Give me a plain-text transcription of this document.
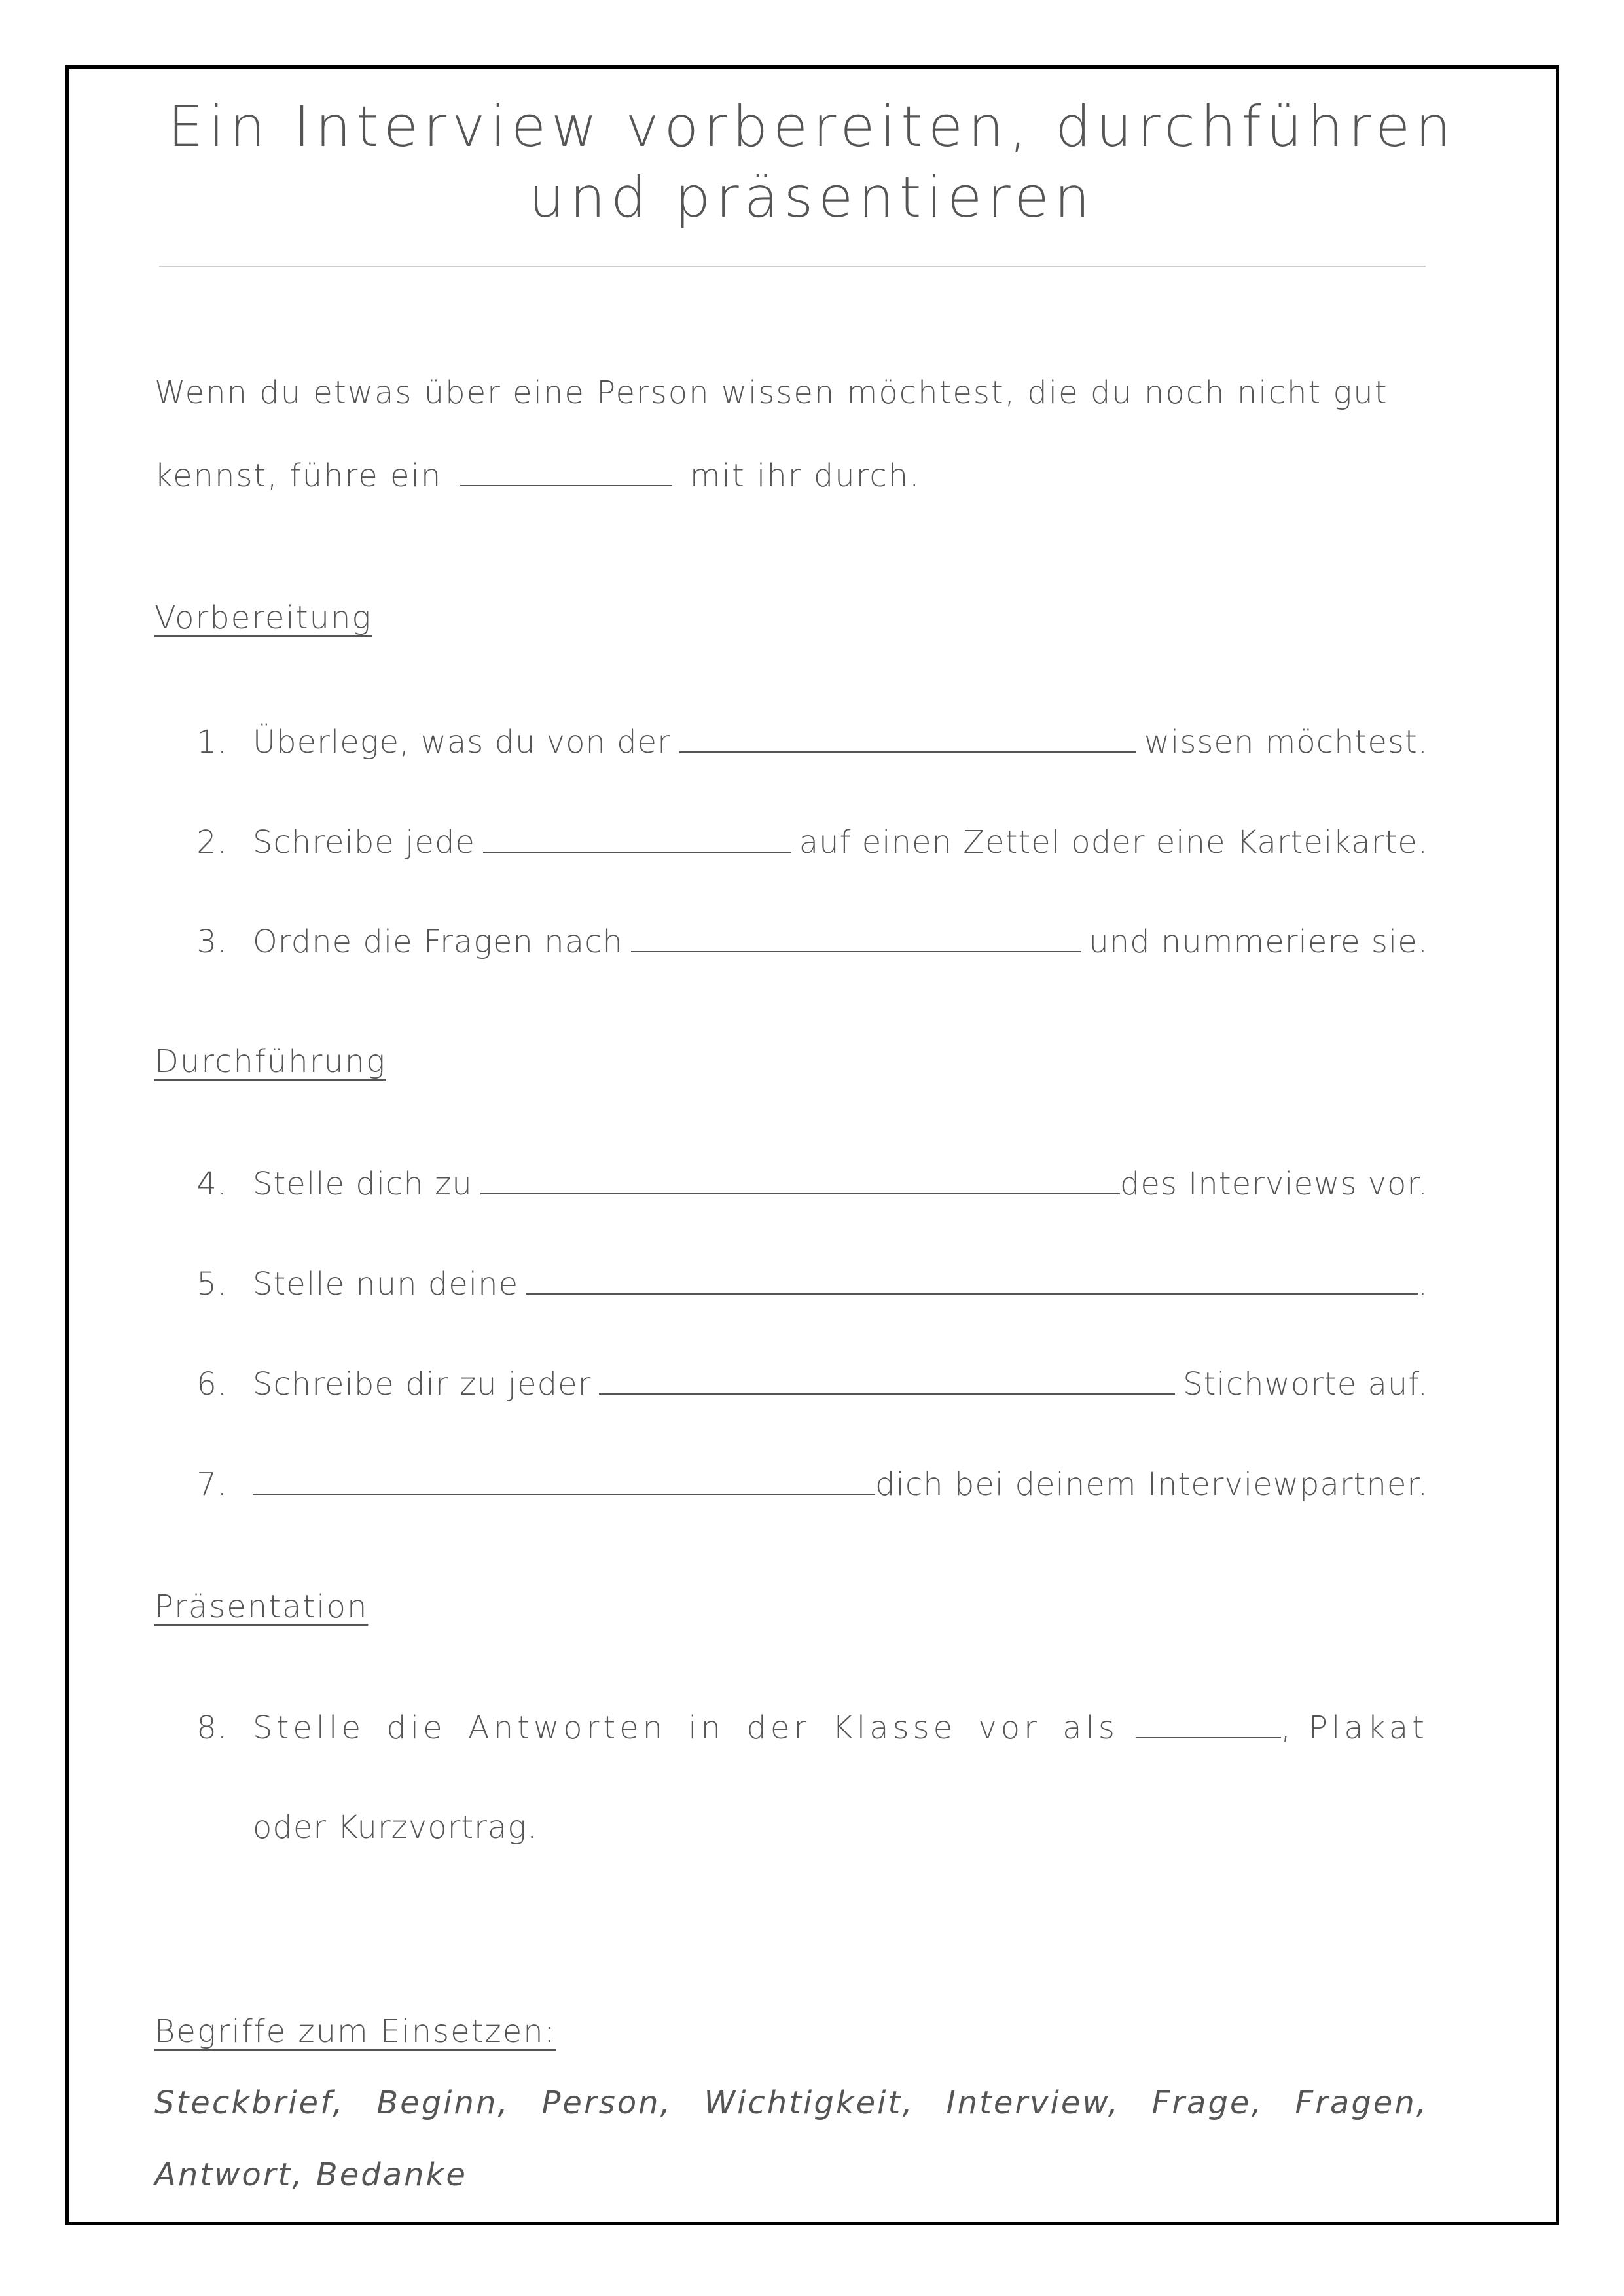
Ein Interview vorbereiten, durchführen
und präsentieren
Wenn du etwas über eine Person wissen möchtest, die du noch nicht gut
kennst, führe ein	mit ihr durch.
Vorbereitung
1. Überlege, was du von der	wissen möchtest.
2. Schreibe jede	auf einen Zettel oder eine Karteikarte.
3. Ordne die Fragen nach	und nummeriere sie.
Durchführung
4. Stelle dich zu	des Interviews vor.
5. Stelle nun deine	.
6. Schreibe dir zu jeder	Stichworte auf.
7.	dich bei deinem Interviewpartner.
Präsentation
8. Stelle die Antworten in der Klasse vor als	, Plakat
oder Kurzvortrag.
Begriffe zum Einsetzen:
Steckbrief, Beginn, Person, Wichtigkeit, Interview, Frage, Fragen, Antwort, Bedanke
